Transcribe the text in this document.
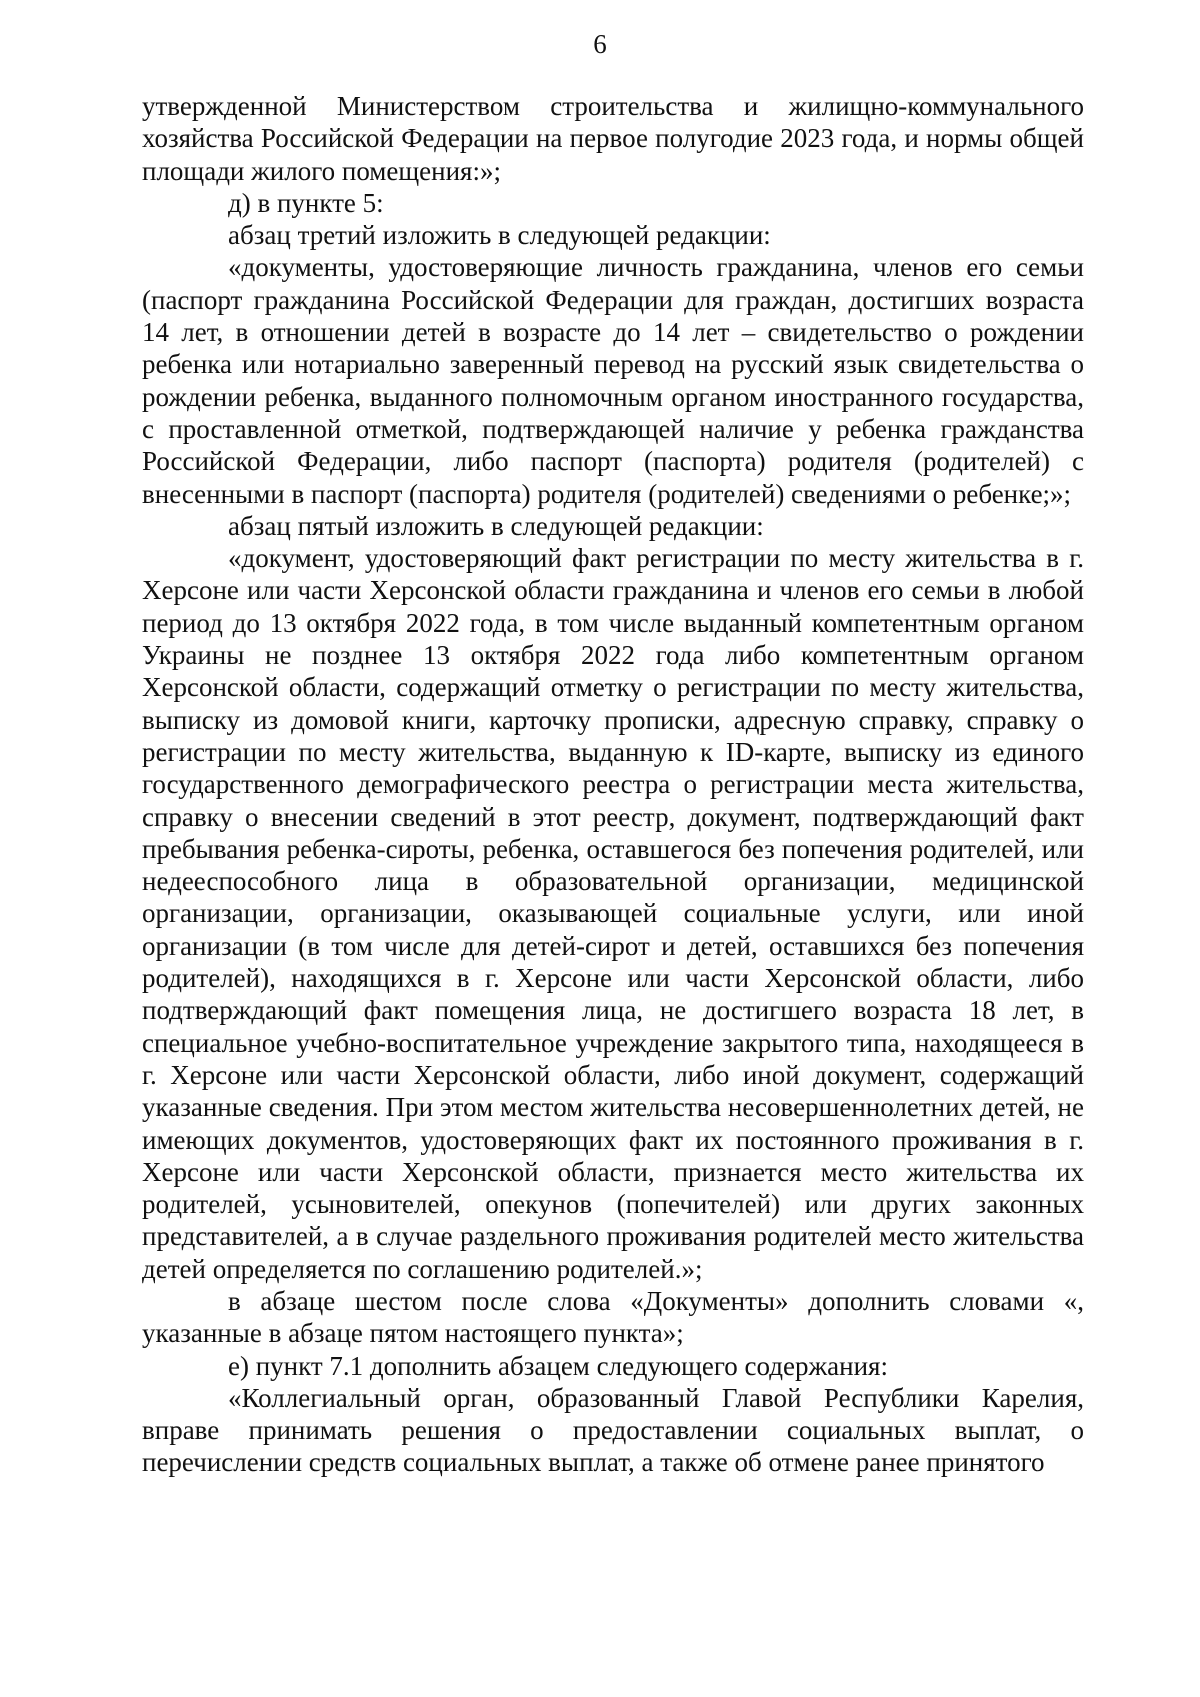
6

утвержденной Министерством строительства и жилищно-коммунального хозяйства Российской Федерации на первое полугодие 2023 года, и нормы общей площади жилого помещения:»;

д) в пункте 5:

абзац третий изложить в следующей редакции:

«документы, удостоверяющие личность гражданина, членов его семьи (паспорт гражданина Российской Федерации для граждан, достигших возраста 14 лет, в отношении детей в возрасте до 14 лет – свидетельство о рождении ребенка или нотариально заверенный перевод на русский язык свидетельства о рождении ребенка, выданного полномочным органом иностранного государства, с проставленной отметкой, подтверждающей наличие у ребенка гражданства Российской Федерации, либо паспорт (паспорта) родителя (родителей) с внесенными в паспорт (паспорта) родителя (родителей) сведениями о ребенке;»;

абзац пятый изложить в следующей редакции:

«документ, удостоверяющий факт регистрации по месту жительства в г. Херсоне или части Херсонской области гражданина и членов его семьи в любой период до 13 октября 2022 года, в том числе выданный компетентным органом Украины не позднее 13 октября 2022 года либо компетентным органом Херсонской области, содержащий отметку о регистрации по месту жительства, выписку из домовой книги, карточку прописки, адресную справку, справку о регистрации по месту жительства, выданную к ID-карте, выписку из единого государственного демографического реестра о регистрации места жительства, справку о внесении сведений в этот реестр, документ, подтверждающий факт пребывания ребенка-сироты, ребенка, оставшегося без попечения родителей, или недееспособного лица в образовательной организации, медицинской организации, организации, оказывающей социальные услуги, или иной организации (в том числе для детей-сирот и детей, оставшихся без попечения родителей), находящихся в г. Херсоне или части Херсонской области, либо подтверждающий факт помещения лица, не достигшего возраста 18 лет, в специальное учебно-воспитательное учреждение закрытого типа, находящееся в г. Херсоне или части Херсонской области, либо иной документ, содержащий указанные сведения. При этом местом жительства несовершеннолетних детей, не имеющих документов, удостоверяющих факт их постоянного проживания в г. Херсоне или части Херсонской области, признается место жительства их родителей, усыновителей, опекунов (попечителей) или других законных представителей, а в случае раздельного проживания родителей место жительства детей определяется по соглашению родителей.»;

в абзаце шестом после слова «Документы» дополнить словами «, указанные в абзаце пятом настоящего пункта»;

е) пункт 7.1 дополнить абзацем следующего содержания:

«Коллегиальный орган, образованный Главой Республики Карелия, вправе принимать решения о предоставлении социальных выплат, о перечислении средств социальных выплат, а также об отмене ранее принятого
